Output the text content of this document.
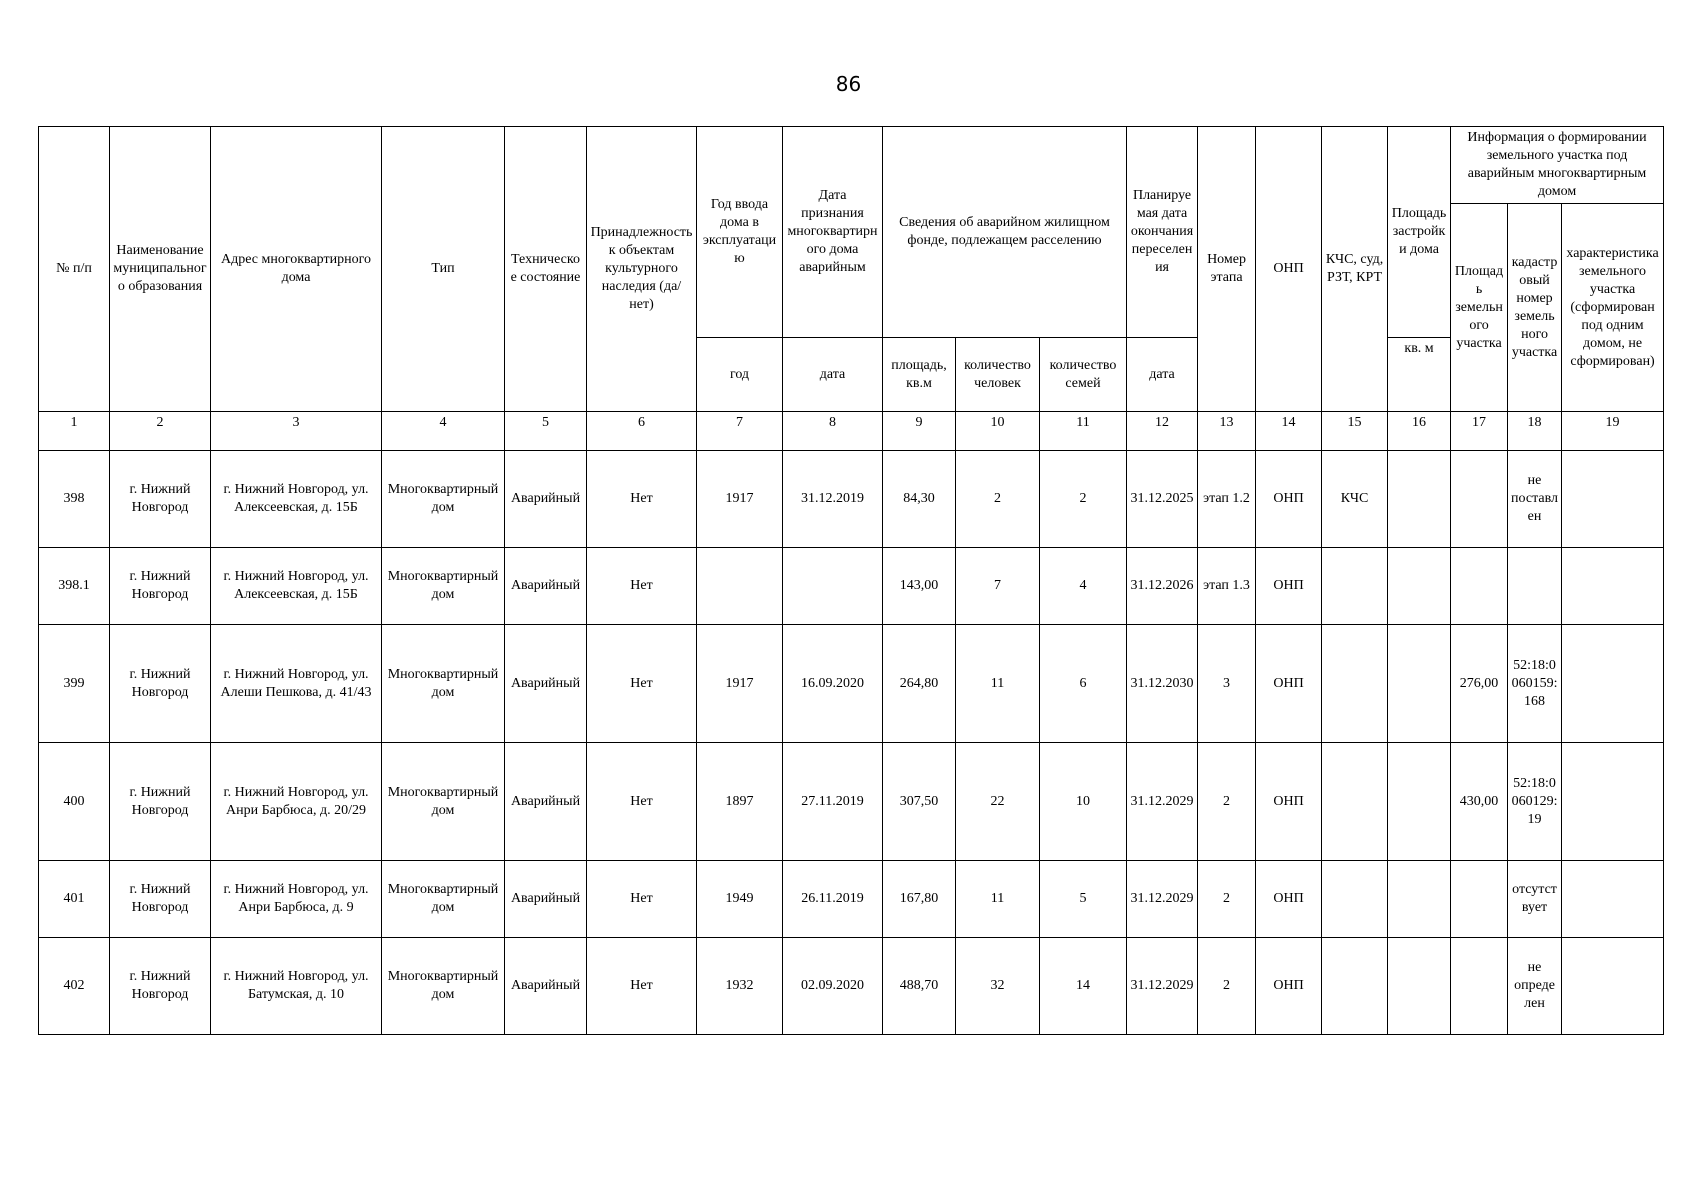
86
№ п/п	Наименование муниципального образования	Адрес многоквартирного дома	Тип	Техническое состояние	Принадлежность к объектам культурного наследия (да/нет)	Год ввода дома в эксплуатацию	Дата признания многоквартирного дома аварийным	Сведения об аварийном жилищном фонде, подлежащем расселению			Планируемая дата окончания переселения	Номер этапа	ОНП	КЧС, суд, РЗТ, КРТ	Площадь застройки дома	Информация о формировании земельного участка под аварийным многоквартирным домом		
																Площадь земельного участка	кадастровый номер земельного участка	характеристика земельного участка (сформирован под одним домом, не сформирован)
						год	дата	площадь, кв.м	количество человек	количество семей	дата				кв. м			
1	2	3	4	5	6	7	8	9	10	11	12	13	14	15	16	17	18	19
398	г. Нижний Новгород	г. Нижний Новгород, ул. Алексеевская, д. 15Б	Многоквартирный дом	Аварийный	Нет	1917	31.12.2019	84,30	2	2	31.12.2025	этап 1.2	ОНП	КЧС			не поставлен	
398.1	г. Нижний Новгород	г. Нижний Новгород, ул. Алексеевская, д. 15Б	Многоквартирный дом	Аварийный	Нет			143,00	7	4	31.12.2026	этап 1.3	ОНП					
399	г. Нижний Новгород	г. Нижний Новгород, ул. Алеши Пешкова, д. 41/43	Многоквартирный дом	Аварийный	Нет	1917	16.09.2020	264,80	11	6	31.12.2030	3	ОНП			276,00	52:18:0060159:168	
400	г. Нижний Новгород	г. Нижний Новгород, ул. Анри Барбюса, д. 20/29	Многоквартирный дом	Аварийный	Нет	1897	27.11.2019	307,50	22	10	31.12.2029	2	ОНП			430,00	52:18:0060129:19	
401	г. Нижний Новгород	г. Нижний Новгород, ул. Анри Барбюса, д. 9	Многоквартирный дом	Аварийный	Нет	1949	26.11.2019	167,80	11	5	31.12.2029	2	ОНП				отсутствует	
402	г. Нижний Новгород	г. Нижний Новгород, ул. Батумская, д. 10	Многоквартирный дом	Аварийный	Нет	1932	02.09.2020	488,70	32	14	31.12.2029	2	ОНП				не определен	
